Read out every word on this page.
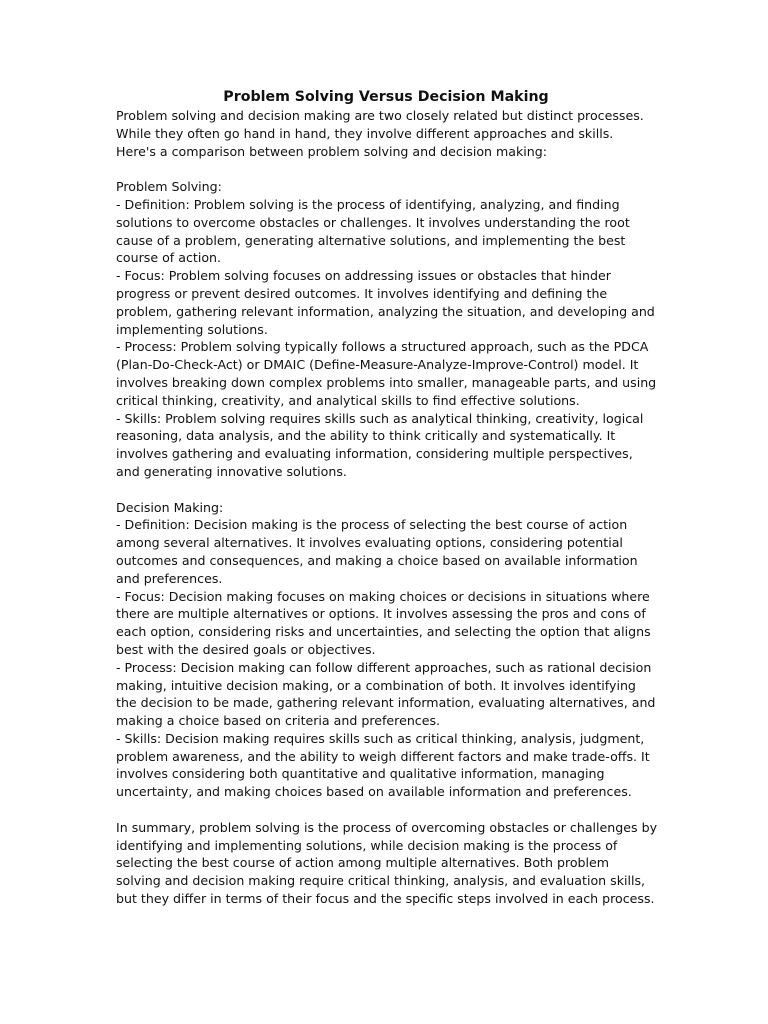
Problem Solving Versus Decision Making
Problem solving and decision making are two closely related but distinct processes.
While they often go hand in hand, they involve different approaches and skills.
Here's a comparison between problem solving and decision making:
Problem Solving:
- Definition: Problem solving is the process of identifying, analyzing, and finding
solutions to overcome obstacles or challenges. It involves understanding the root
cause of a problem, generating alternative solutions, and implementing the best
course of action.
- Focus: Problem solving focuses on addressing issues or obstacles that hinder
progress or prevent desired outcomes. It involves identifying and defining the
problem, gathering relevant information, analyzing the situation, and developing and
implementing solutions.
- Process: Problem solving typically follows a structured approach, such as the PDCA
(Plan-Do-Check-Act) or DMAIC (Define-Measure-Analyze-Improve-Control) model. It
involves breaking down complex problems into smaller, manageable parts, and using
critical thinking, creativity, and analytical skills to find effective solutions.
- Skills: Problem solving requires skills such as analytical thinking, creativity, logical
reasoning, data analysis, and the ability to think critically and systematically. It
involves gathering and evaluating information, considering multiple perspectives,
and generating innovative solutions.
Decision Making:
- Definition: Decision making is the process of selecting the best course of action
among several alternatives. It involves evaluating options, considering potential
outcomes and consequences, and making a choice based on available information
and preferences.
- Focus: Decision making focuses on making choices or decisions in situations where
there are multiple alternatives or options. It involves assessing the pros and cons of
each option, considering risks and uncertainties, and selecting the option that aligns
best with the desired goals or objectives.
- Process: Decision making can follow different approaches, such as rational decision
making, intuitive decision making, or a combination of both. It involves identifying
the decision to be made, gathering relevant information, evaluating alternatives, and
making a choice based on criteria and preferences.
- Skills: Decision making requires skills such as critical thinking, analysis, judgment,
problem awareness, and the ability to weigh different factors and make trade-offs. It
involves considering both quantitative and qualitative information, managing
uncertainty, and making choices based on available information and preferences.
In summary, problem solving is the process of overcoming obstacles or challenges by
identifying and implementing solutions, while decision making is the process of
selecting the best course of action among multiple alternatives. Both problem
solving and decision making require critical thinking, analysis, and evaluation skills,
but they differ in terms of their focus and the specific steps involved in each process.
